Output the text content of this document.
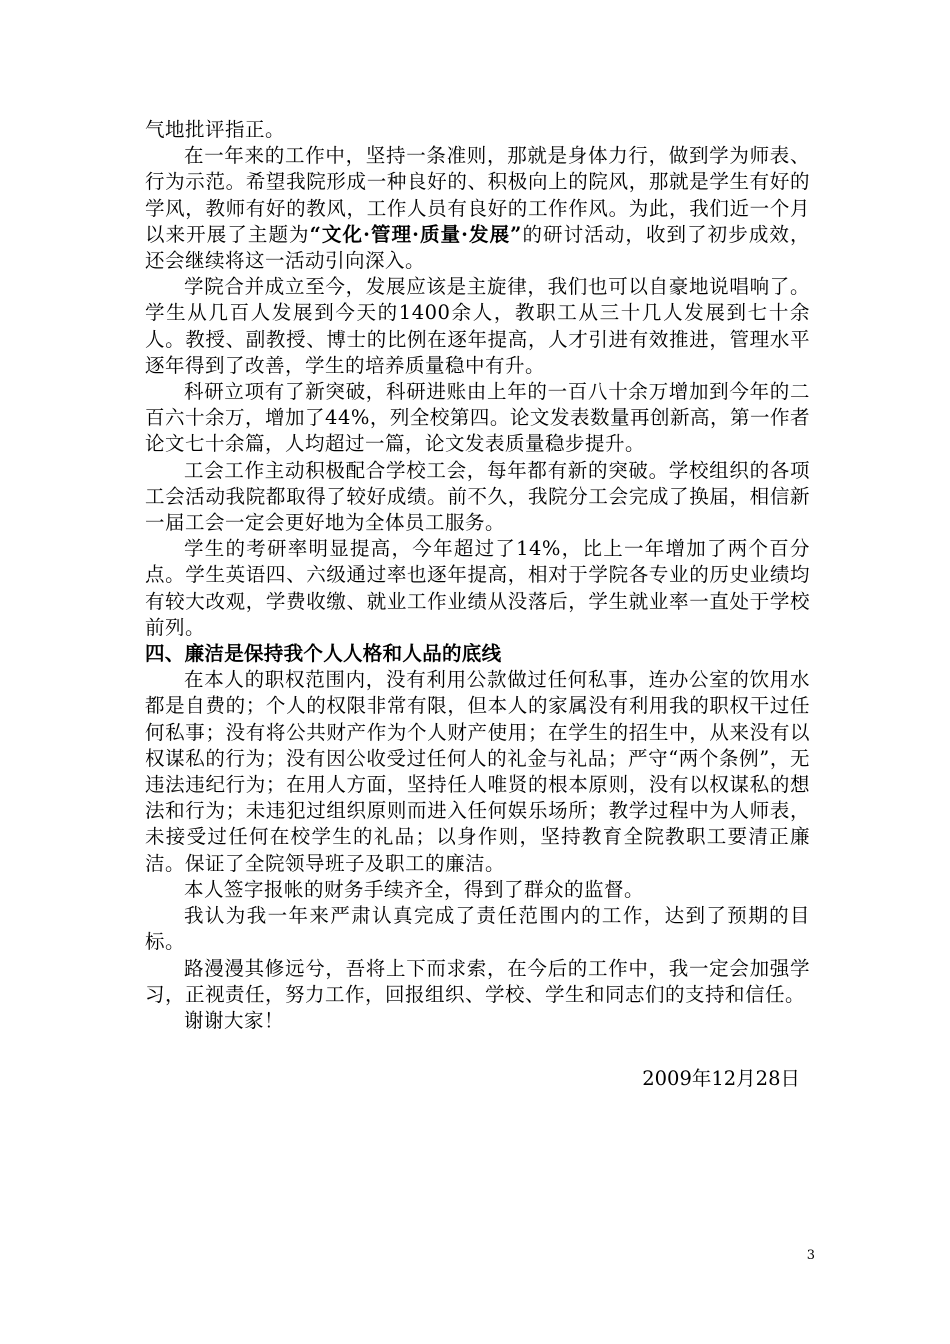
气地批评指正。

在一年来的工作中，坚持一条准则，那就是身体力行，做到学为师表、行为示范。希望我院形成一种良好的、积极向上的院风，那就是学生有好的学风，教师有好的教风，工作人员有良好的工作作风。为此，我们近一个月以来开展了主题为“文化·管理·质量·发展”的研讨活动，收到了初步成效，还会继续将这一活动引向深入。

学院合并成立至今，发展应该是主旋律，我们也可以自豪地说唱响了。学生从几百人发展到今天的1400余人，教职工从三十几人发展到七十余人。教授、副教授、博士的比例在逐年提高，人才引进有效推进，管理水平逐年得到了改善，学生的培养质量稳中有升。

科研立项有了新突破，科研进账由上年的一百八十余万增加到今年的二百六十余万，增加了44%，列全校第四。论文发表数量再创新高，第一作者论文七十余篇，人均超过一篇，论文发表质量稳步提升。

工会工作主动积极配合学校工会，每年都有新的突破。学校组织的各项工会活动我院都取得了较好成绩。前不久，我院分工会完成了换届，相信新一届工会一定会更好地为全体员工服务。

学生的考研率明显提高，今年超过了14%，比上一年增加了两个百分点。学生英语四、六级通过率也逐年提高，相对于学院各专业的历史业绩均有较大改观，学费收缴、就业工作业绩从没落后，学生就业率一直处于学校前列。

四、廉洁是保持我个人人格和人品的底线

在本人的职权范围内，没有利用公款做过任何私事，连办公室的饮用水都是自费的；个人的权限非常有限，但本人的家属没有利用我的职权干过任何私事；没有将公共财产作为个人财产使用；在学生的招生中，从来没有以权谋私的行为；没有因公收受过任何人的礼金与礼品；严守“两个条例”，无违法违纪行为；在用人方面，坚持任人唯贤的根本原则，没有以权谋私的想法和行为；未违犯过组织原则而进入任何娱乐场所；教学过程中为人师表，未接受过任何在校学生的礼品；以身作则，坚持教育全院教职工要清正廉洁。保证了全院领导班子及职工的廉洁。

本人签字报帐的财务手续齐全，得到了群众的监督。

我认为我一年来严肃认真完成了责任范围内的工作，达到了预期的目标。

路漫漫其修远兮，吾将上下而求索，在今后的工作中，我一定会加强学习，正视责任，努力工作，回报组织、学校、学生和同志们的支持和信任。

谢谢大家！

2009年12月28日
3
